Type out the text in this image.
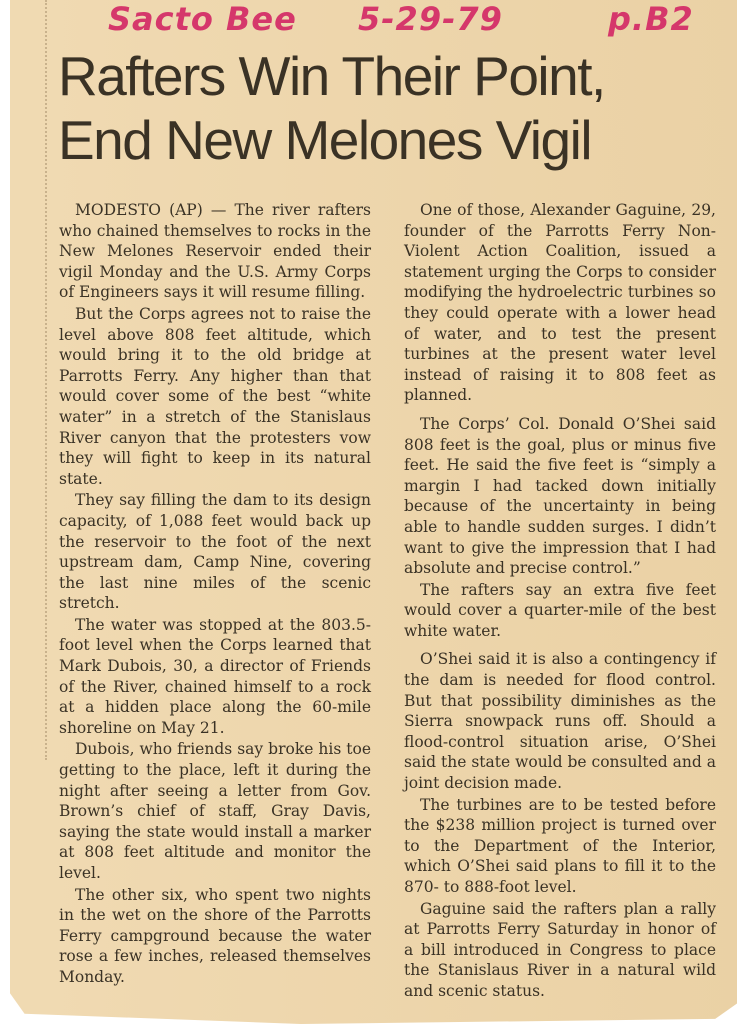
Sacto Bee 5-29-79	p.B2
Rafters Win Their Point,
End New Melones Vigil

MODESTO (AP) — The river rafters who chained themselves to rocks in the New Melones Reservoir ended their vigil Monday and the U.S. Army Corps of Engineers says it will resume filling.

But the Corps agrees not to raise the level above 808 feet altitude, which would bring it to the old bridge at Parrotts Ferry. Any higher than that would cover some of the best “white water” in a stretch of the Stanislaus River canyon that the protesters vow they will fight to keep in its natural state.

They say filling the dam to its design capacity, of 1,088 feet would back up the reservoir to the foot of the next upstream dam, Camp Nine, covering the last nine miles of the scenic stretch.

The water was stopped at the 803.5-foot level when the Corps learned that Mark Dubois, 30, a director of Friends of the River, chained himself to a rock at a hidden place along the 60-mile shoreline on May 21.

Dubois, who friends say broke his toe getting to the place, left it during the night after seeing a letter from Gov. Brown’s chief of staff, Gray Davis, saying the state would install a marker at 808 feet altitude and monitor the level.

The other six, who spent two nights in the wet on the shore of the Parrotts Ferry campground because the water rose a few inches, released themselves Monday.

One of those, Alexander Gaguine, 29, founder of the Parrotts Ferry Non-Violent Action Coalition, issued a statement urging the Corps to consider modifying the hydroelectric turbines so they could operate with a lower head of water, and to test the present turbines at the present water level instead of raising it to 808 feet as planned.

The Corps’ Col. Donald O’Shei said 808 feet is the goal, plus or minus five feet. He said the five feet is “simply a margin I had tacked down initially because of the uncertainty in being able to handle sudden surges. I didn’t want to give the impression that I had absolute and precise control.”

The rafters say an extra five feet would cover a quarter-mile of the best white water.

O’Shei said it is also a contingency if the dam is needed for flood control. But that possibility diminishes as the Sierra snowpack runs off. Should a flood-control situation arise, O’Shei said the state would be consulted and a joint decision made.

The turbines are to be tested before the $238 million project is turned over to the Department of the Interior, which O’Shei said plans to fill it to the 870- to 888-foot level.

Gaguine said the rafters plan a rally at Parrotts Ferry Saturday in honor of a bill introduced in Congress to place the Stanislaus River in a natural wild and scenic status.
